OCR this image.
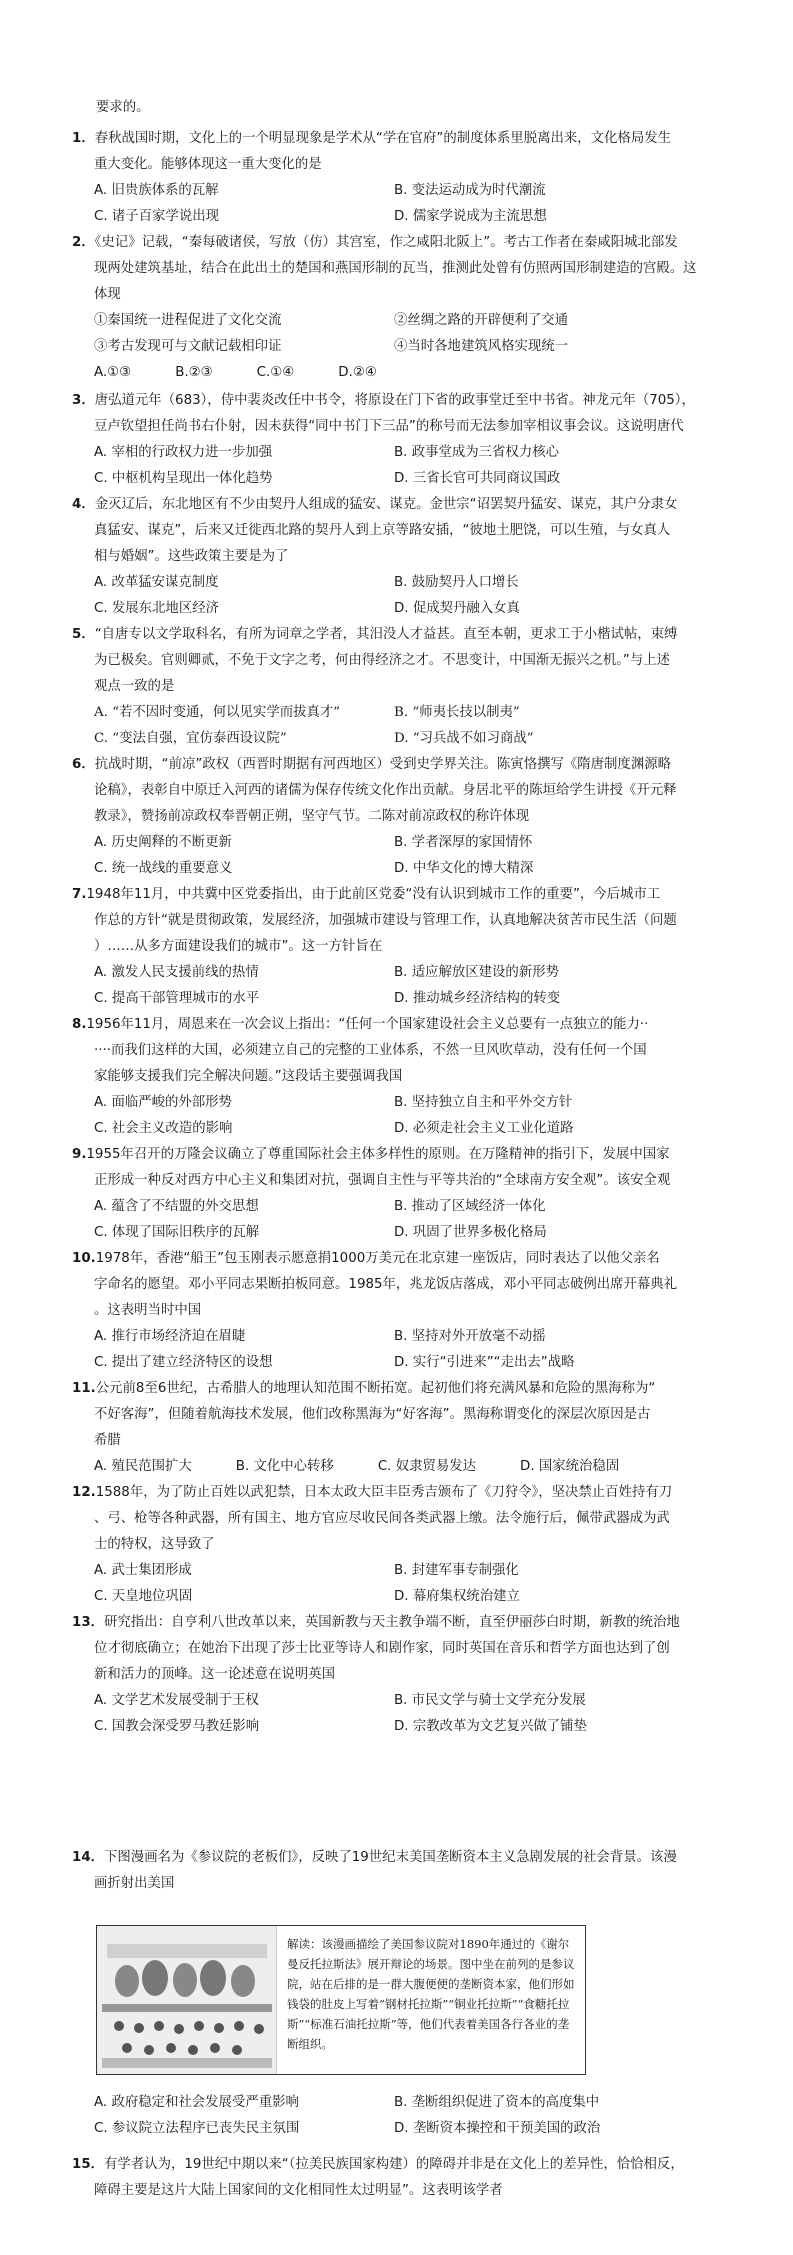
要求的。
1．春秋战国时期，文化上的一个明显现象是学术从“学在官府”的制度体系里脱离出来，文化格局发生
重大变化。能够体现这一重大变化的是
A. 旧贵族体系的瓦解	B. 变法运动成为时代潮流
C. 诸子百家学说出现	D. 儒家学说成为主流思想
2．《史记》记载，“秦每破诸侯，写放（仿）其宫室，作之咸阳北阪上”。考古工作者在秦咸阳城北部发
现两处建筑基址，结合在此出土的楚国和燕国形制的瓦当，推测此处曾有仿照两国形制建造的宫殿。这
体现
①秦国统一进程促进了文化交流	②丝绸之路的开辟便利了交通
③考古发现可与文献记载相印证	④当时各地建筑风格实现统一
A.①③	B.②③	C.①④	D.②④
3．唐弘道元年（683），侍中裴炎改任中书令，将原设在门下省的政事堂迁至中书省。神龙元年（705），
豆卢钦望担任尚书右仆射，因未获得“同中书门下三品”的称号而无法参加宰相议事会议。这说明唐代
A. 宰相的行政权力进一步加强	B. 政事堂成为三省权力核心
C. 中枢机构呈现出一体化趋势	D. 三省长官可共同商议国政
4．金灭辽后，东北地区有不少由契丹人组成的猛安、谋克。金世宗“诏罢契丹猛安、谋克，其户分隶女
真猛安、谋克”，后来又迁徙西北路的契丹人到上京等路安插，“彼地土肥饶，可以生殖，与女真人
相与婚姻”。这些政策主要是为了
A. 改革猛安谋克制度	B. 鼓励契丹人口增长
C. 发展东北地区经济	D. 促成契丹融入女真
5．“自唐专以文学取科名，有所为词章之学者，其汨没人才益甚。直至本朝，更求工于小楷试帖，束缚
为已极矣。官则卿贰，不免于文字之考，何由得经济之才。不思变计，中国渐无振兴之机。”与上述
观点一致的是
A. “若不因时变通，何以见实学而拔真才”	B. “师夷长技以制夷”
C. “变法自强，宜仿泰西设议院”	D. “习兵战不如习商战”
6．抗战时期，“前凉”政权（西晋时期据有河西地区）受到史学界关注。陈寅恪撰写《隋唐制度渊源略
论稿》，表彰自中原迁入河西的诸儒为保存传统文化作出贡献。身居北平的陈垣给学生讲授《开元释
教录》，赞扬前凉政权奉晋朝正朔，坚守气节。二陈对前凉政权的称许体现
A. 历史阐释的不断更新	B. 学者深厚的家国情怀
C. 统一战线的重要意义	D. 中华文化的博大精深
7.1948年11月，中共冀中区党委指出，由于此前区党委“没有认识到城市工作的重要”，今后城市工
作总的方针“就是贯彻政策，发展经济，加强城市建设与管理工作，认真地解决贫苦市民生活（问题
）……从多方面建设我们的城市”。这一方针旨在
A. 激发人民支援前线的热情	B. 适应解放区建设的新形势
C. 提高干部管理城市的水平	D. 推动城乡经济结构的转变
8.1956年11月，周恩来在一次会议上指出：“任何一个国家建设社会主义总要有一点独立的能力··
····而我们这样的大国，必须建立自己的完整的工业体系，不然一旦风吹草动，没有任何一个国
家能够支援我们完全解决问题。”这段话主要强调我国
A. 面临严峻的外部形势	B. 坚持独立自主和平外交方针
C. 社会主义改造的影响	D. 必须走社会主义工业化道路
9.1955年召开的万隆会议确立了尊重国际社会主体多样性的原则。在万隆精神的指引下，发展中国家
正形成一种反对西方中心主义和集团对抗，强调自主性与平等共治的“全球南方安全观”。该安全观
A. 蕴含了不结盟的外交思想	B. 推动了区域经济一体化
C. 体现了国际旧秩序的瓦解	D. 巩固了世界多极化格局
10.1978年，香港“船王”包玉刚表示愿意捐1000万美元在北京建一座饭店，同时表达了以他父亲名
字命名的愿望。邓小平同志果断拍板同意。1985年，兆龙饭店落成，邓小平同志破例出席开幕典礼
。这表明当时中国
A. 推行市场经济迫在眉睫	B. 坚持对外开放毫不动摇
C. 提出了建立经济特区的设想	D. 实行“引进来”“走出去”战略
11.公元前8至6世纪，古希腊人的地理认知范围不断拓宽。起初他们将充满风暴和危险的黑海称为“
不好客海”，但随着航海技术发展，他们改称黑海为“好客海”。黑海称谓变化的深层次原因是古
希腊
A. 殖民范围扩大	B. 文化中心转移	C. 奴隶贸易发达	D. 国家统治稳固
12.1588年，为了防止百姓以武犯禁，日本太政大臣丰臣秀吉颁布了《刀狩令》，坚决禁止百姓持有刀
、弓、枪等各种武器，所有国主、地方官应尽收民间各类武器上缴。法令施行后，佩带武器成为武
士的特权，这导致了
A. 武士集团形成	B. 封建军事专制强化
C. 天皇地位巩固	D. 幕府集权统治建立
13．研究指出：自亨利八世改革以来，英国新教与天主教争端不断，直至伊丽莎白时期，新教的统治地
位才彻底确立；在她治下出现了莎士比亚等诗人和剧作家，同时英国在音乐和哲学方面也达到了创
新和活力的顶峰。这一论述意在说明英国
A. 文学艺术发展受制于王权	B. 市民文学与骑士文学充分发展
C. 国教会深受罗马教廷影响	D. 宗教改革为文艺复兴做了铺垫
14．下图漫画名为《参议院的老板们》，反映了19世纪末美国垄断资本主义急剧发展的社会背景。该漫
画折射出美国
解读：该漫画描绘了美国参议院对1890年通过的《谢尔曼反托拉斯法》展开辩论的场景。图中坐在前列的是参议院，站在后排的是一群大腹便便的垄断资本家，他们形如钱袋的肚皮上写着“钢材托拉斯”“铜业托拉斯”“食糖托拉斯”“标准石油托拉斯”等，他们代表着美国各行各业的垄断组织。
A. 政府稳定和社会发展受严重影响	B. 垄断组织促进了资本的高度集中
C. 参议院立法程序已丧失民主氛围	D. 垄断资本操控和干预美国的政治
15．有学者认为，19世纪中期以来“（拉美民族国家构建）的障碍并非是在文化上的差异性，恰恰相反，
障碍主要是这片大陆上国家间的文化相同性太过明显”。这表明该学者
